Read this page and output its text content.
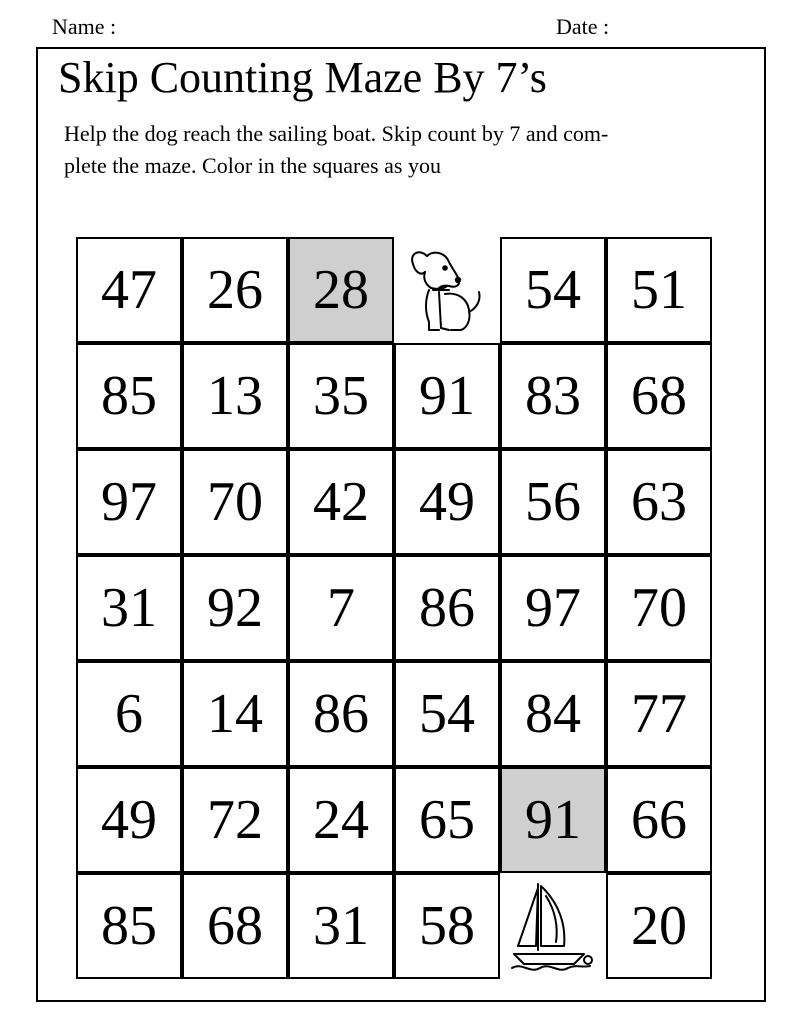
Name :	Date :
Skip Counting Maze By 7’s
Help the dog reach the sailing boat. Skip count by 7 and com-
plete the maze. Color in the squares as you
47 26 28	54 51
85 13 35 91 83 68
97 70 42 49 56 63
31 92 7 86 97 70
6 14 86 54 84 77
49 72 24 65 91 66
85 68 31 58	20
